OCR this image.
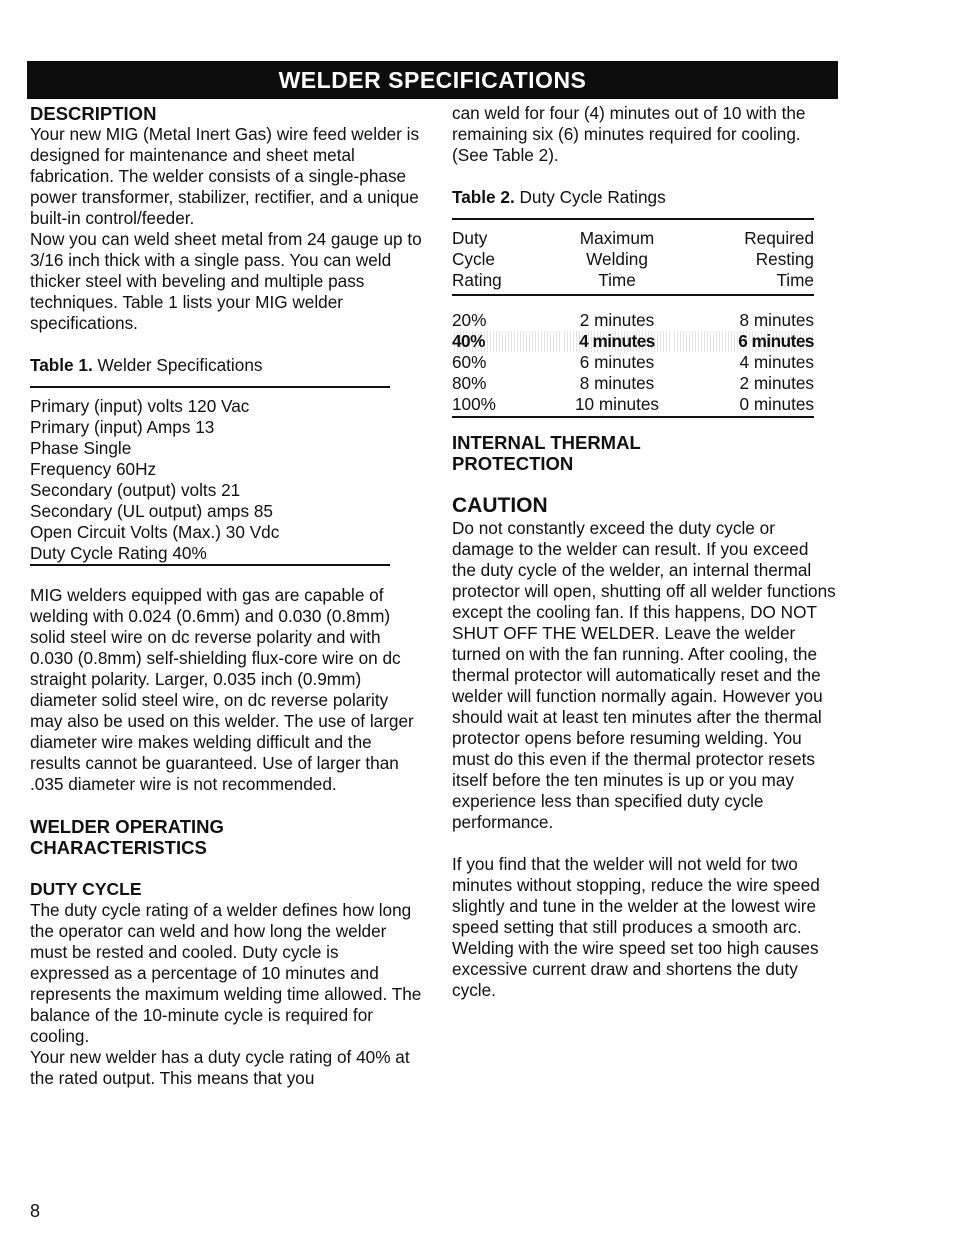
WELDER SPECIFICATIONS
DESCRIPTION

Your new MIG (Metal Inert Gas) wire feed welder is designed for maintenance and sheet metal fabrication. The welder consists of a single-phase power transformer, stabilizer, rectifier, and a unique built-in control/feeder.

Now you can weld sheet metal from 24 gauge up to 3/16 inch thick with a single pass. You can weld thicker steel with beveling and multiple pass techniques. Table 1 lists your MIG welder specifications.

Table 1. Welder Specifications

Primary (input) volts 120 Vac
Primary (input) Amps 13
Phase Single
Frequency 60Hz
Secondary (output) volts 21
Secondary (UL output) amps 85
Open Circuit Volts (Max.) 30 Vdc
Duty Cycle Rating 40%

MIG welders equipped with gas are capable of welding with 0.024 (0.6mm) and 0.030 (0.8mm) solid steel wire on dc reverse polarity and with 0.030 (0.8mm) self-shielding flux-core wire on dc straight polarity. Larger, 0.035 inch (0.9mm) diameter solid steel wire, on dc reverse polarity may also be used on this welder. The use of larger diameter wire makes welding difficult and the results cannot be guaranteed. Use of larger than .035 diameter wire is not recommended.

WELDER OPERATING
CHARACTERISTICS
DUTY CYCLE

The duty cycle rating of a welder defines how long the operator can weld and how long the welder must be rested and cooled. Duty cycle is expressed as a percentage of 10 minutes and represents the maximum welding time allowed. The balance of the 10-minute cycle is required for cooling.

Your new welder has a duty cycle rating of 40% at the rated output. This means that you

can weld for four (4) minutes out of 10 with the remaining six (6) minutes required for cooling. (See Table 2).

Table 2. Duty Cycle Ratings

Duty	Maximum	Required
Cycle	Welding	Resting
Rating	Time	Time
20%	2 minutes	8 minutes
40%	4 minutes	6 minutes
60%	6 minutes	4 minutes
80%	8 minutes	2 minutes
100%	10 minutes	0 minutes
INTERNAL THERMAL
PROTECTION
CAUTION

Do not constantly exceed the duty cycle or damage to the welder can result. If you exceed the duty cycle of the welder, an internal thermal protector will open, shutting off all welder functions except the cooling fan. If this happens, DO NOT SHUT OFF THE WELDER. Leave the welder turned on with the fan running. After cooling, the thermal protector will automatically reset and the welder will function normally again. However you should wait at least ten minutes after the thermal protector opens before resuming welding. You must do this even if the thermal protector resets itself before the ten minutes is up or you may experience less than specified duty cycle performance.

If you find that the welder will not weld for two minutes without stopping, reduce the wire speed slightly and tune in the welder at the lowest wire speed setting that still produces a smooth arc. Welding with the wire speed set too high causes excessive current draw and shortens the duty cycle.

8
